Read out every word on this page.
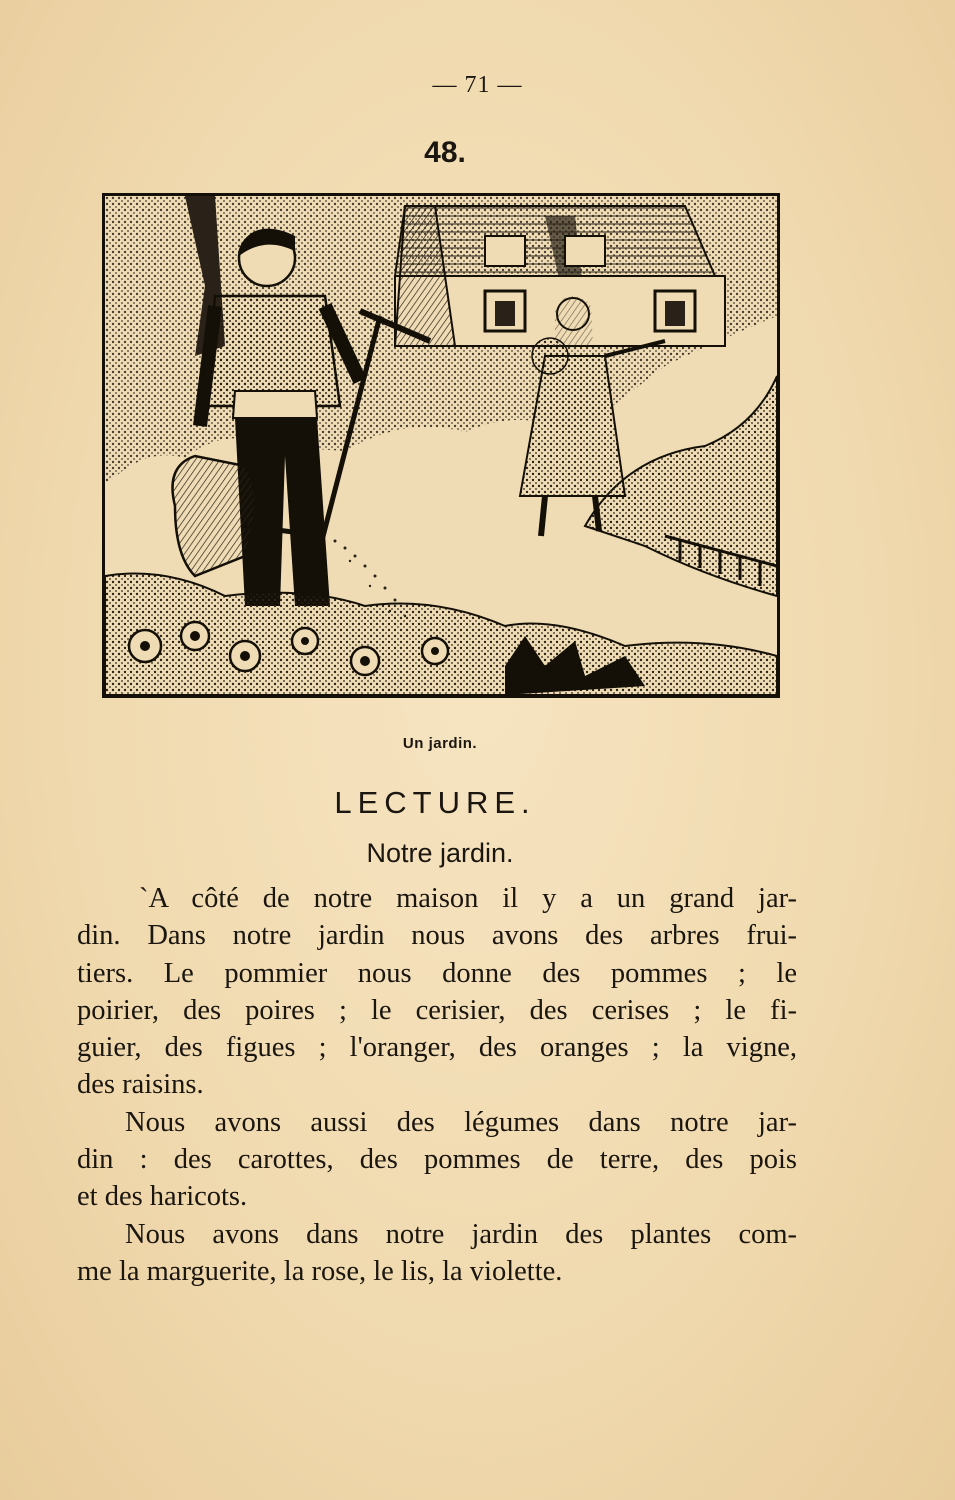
— 71 —
48.
Un jardin.
LECTURE.
Notre jardin.

`A côté de notre maison il y a un grand jar-
din. Dans notre jardin nous avons des arbres frui-
tiers. Le pommier nous donne des pommes ; le
poirier, des poires ; le cerisier, des cerises ; le fi-
guier, des figues ; l'oranger, des oranges ; la vigne,
des raisins.

Nous avons aussi des légumes dans notre jar-
din : des carottes, des pommes de terre, des pois
et des haricots.

Nous avons dans notre jardin des plantes com-
me la marguerite, la rose, le lis, la violette.
